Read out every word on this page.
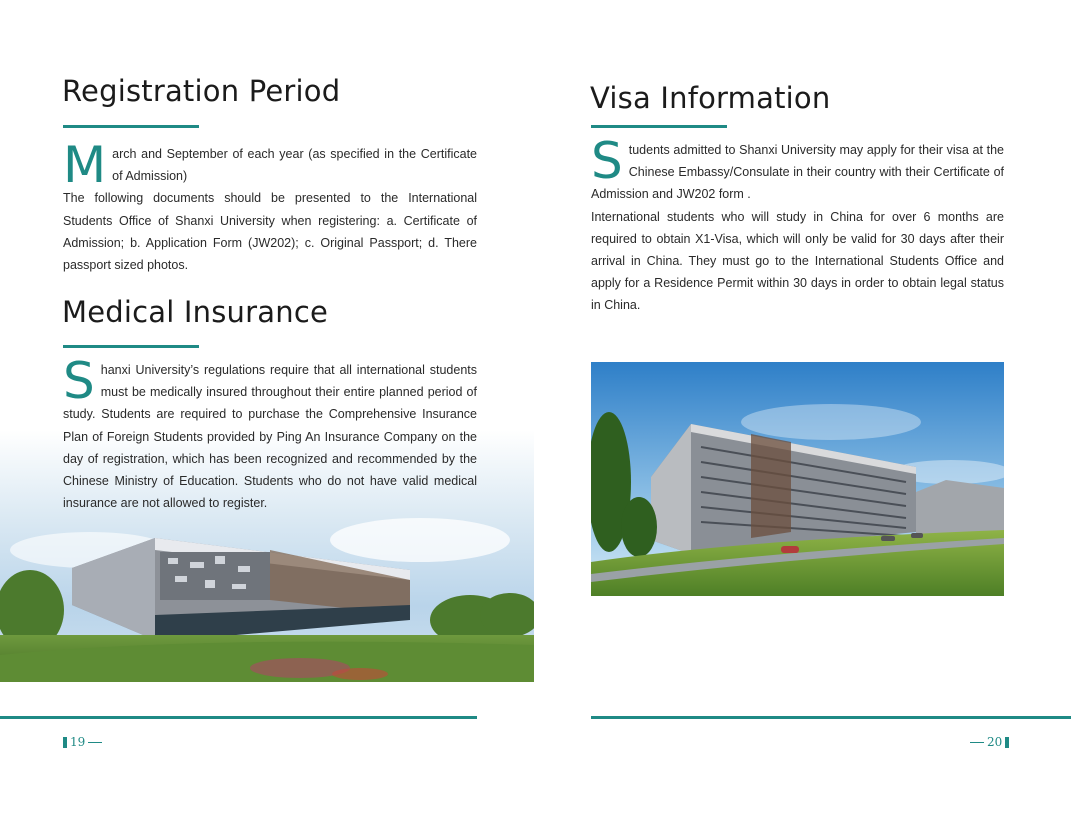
Registration Period
M arch and September of each year (as specified in the Certificate of Admission)
The following documents should be presented to the International Students Office of Shanxi University when registering: a. Certificate of Admission; b. Application Form (JW202); c. Original Passport; d. There passport sized photos.
Medical Insurance
S hanxi University’s regulations require that all international students must be medically insured throughout their entire planned period of study. Students are required to purchase the Comprehensive Insurance Plan of Foreign Students provided by Ping An Insurance Company on the day of registration, which has been recognized and recommended by the Chinese Ministry of Education. Students who do not have valid medical insurance are not allowed to register.
19
Visa Information
S tudents admitted to Shanxi University may apply for their visa at the Chinese Embassy/Consulate in their country with their Certificate of Admission and JW202 form .
International students who will study in China for over 6 months are required to obtain X1-Visa, which will only be valid for 30 days after their arrival in China. They must go to the International Students Office and apply for a Residence Permit within 30 days in order to obtain legal status in China.
20
